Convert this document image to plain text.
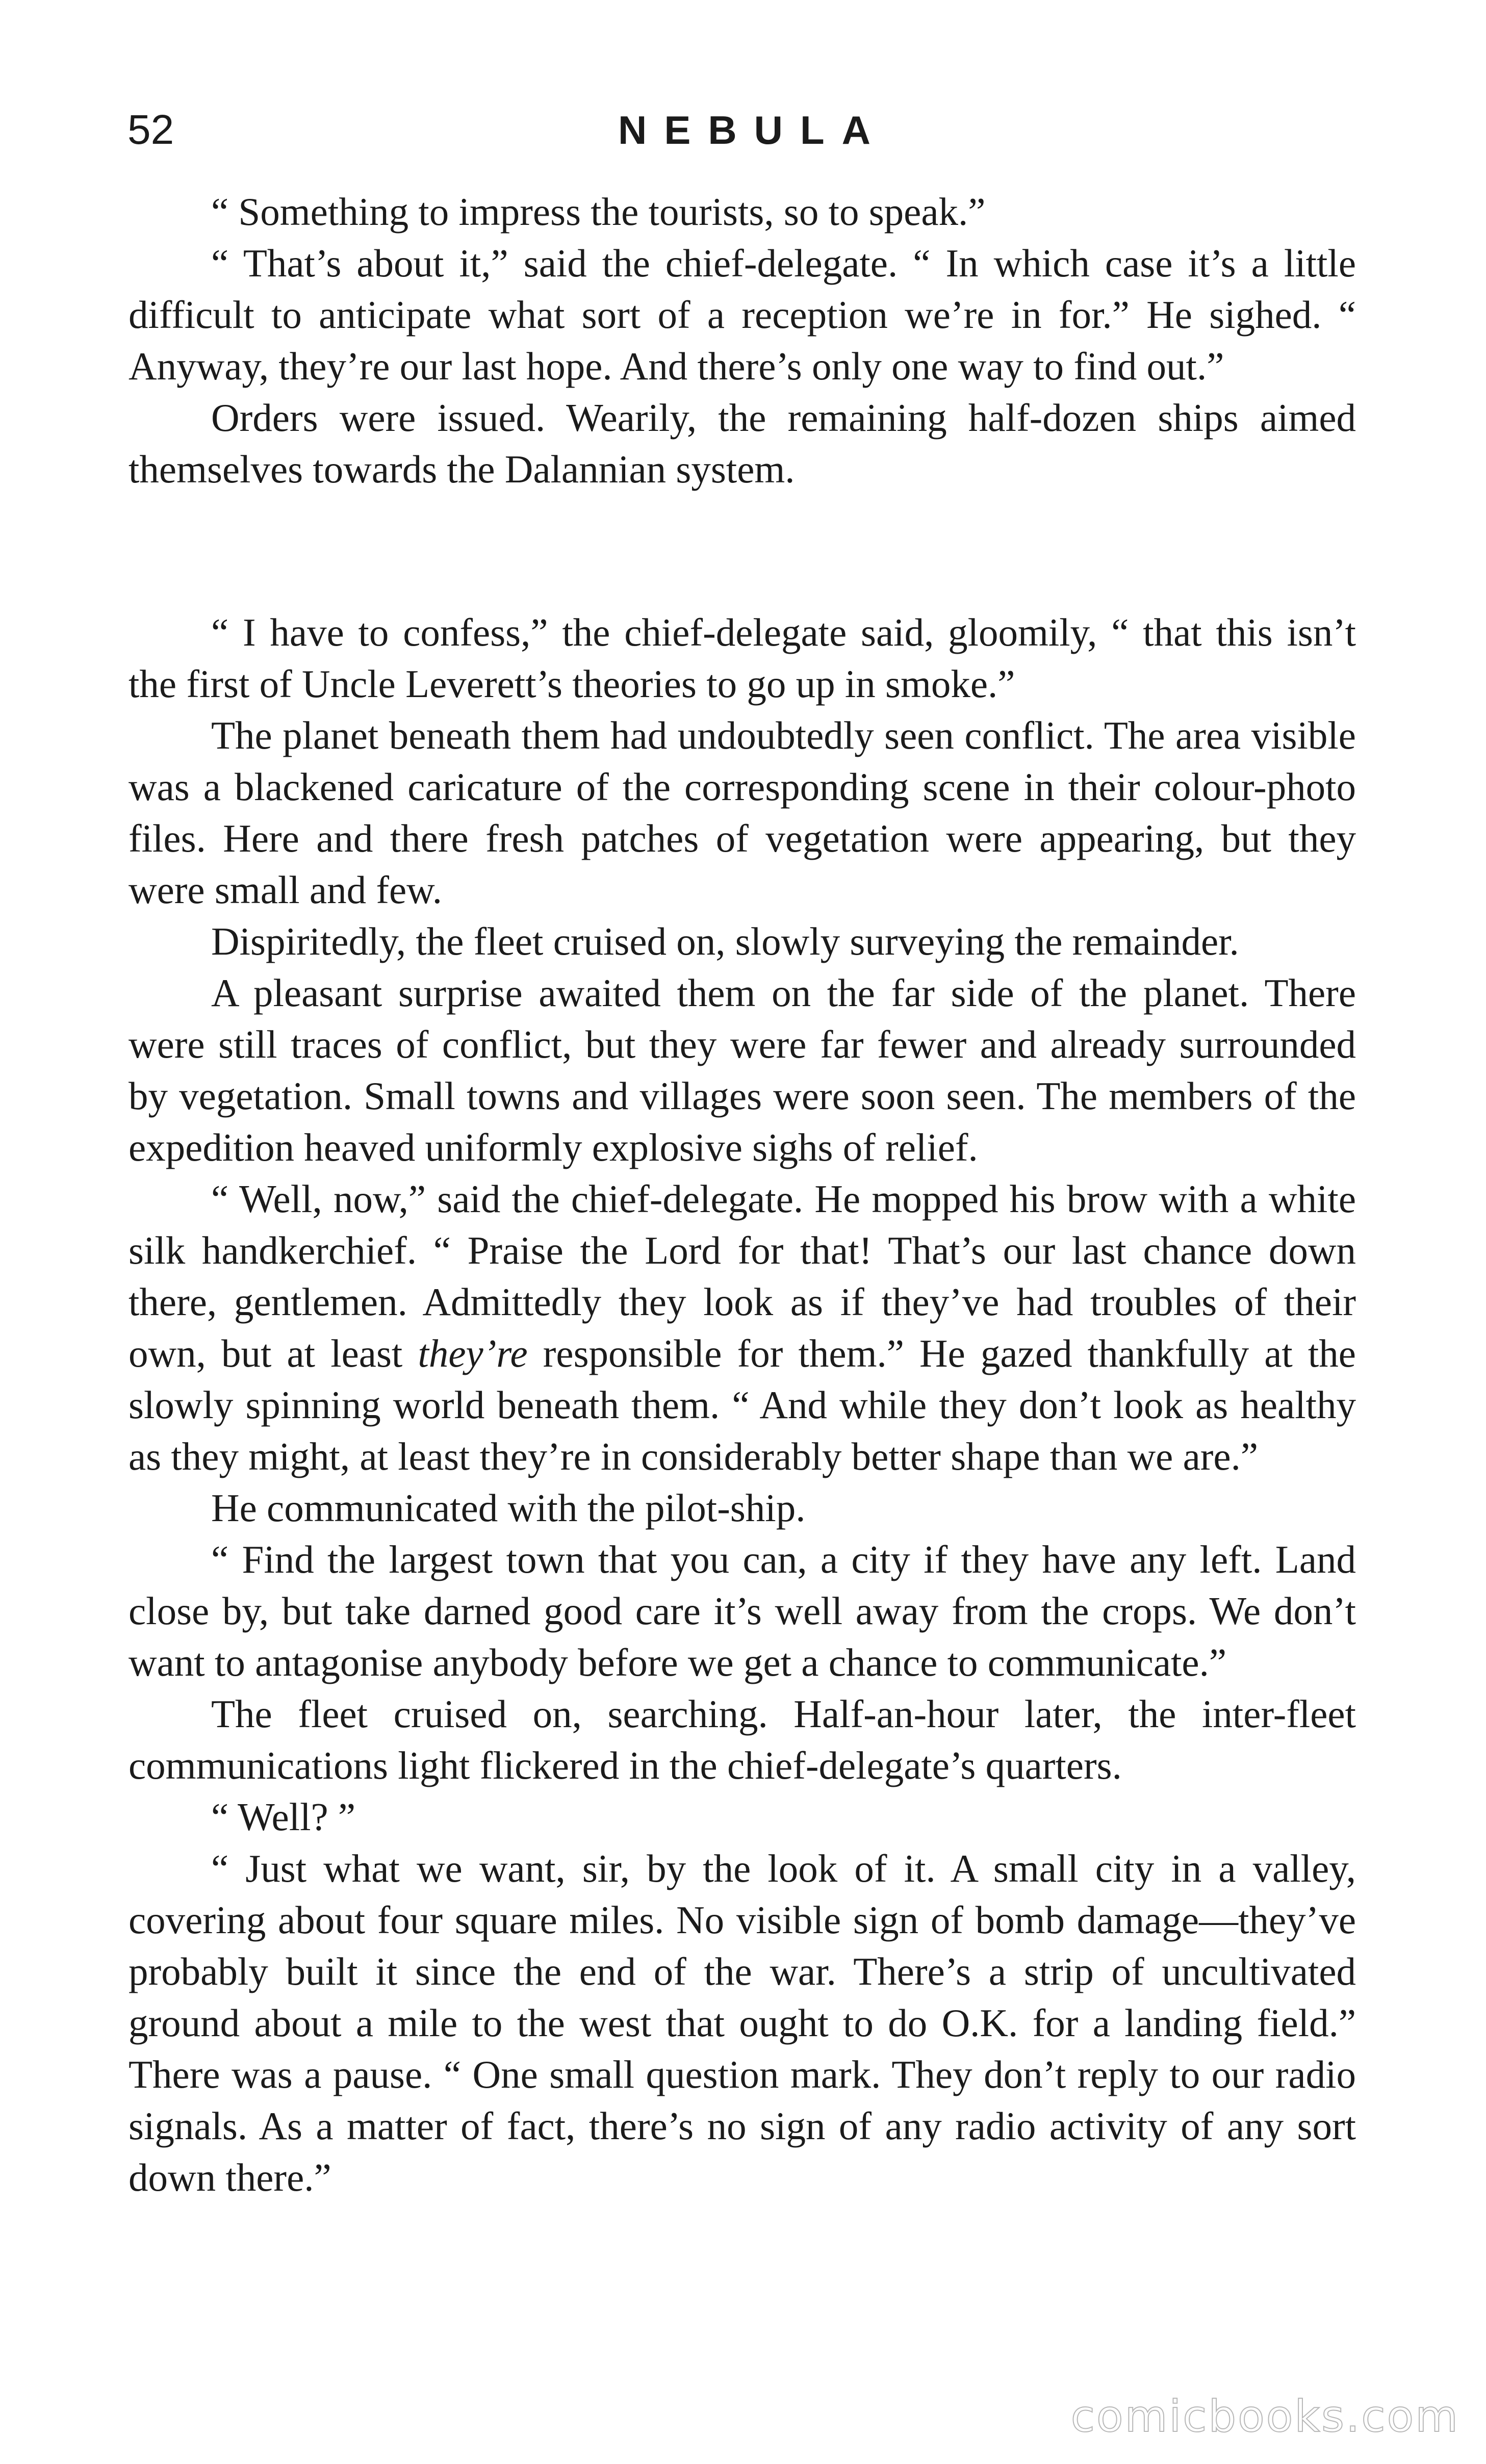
52	NEBULA

“ Something to impress the tourists, so to speak.”

“ That’s about it,” said the chief-delegate. “ In which case it’s a little difficult to anticipate what sort of a reception we’re in for.” He sighed. “ Anyway, they’re our last hope. And there’s only one way to find out.”

Orders were issued. Wearily, the remaining half-dozen ships aimed themselves towards the Dalannian system.

“ I have to confess,” the chief-delegate said, gloomily, “ that this isn’t the first of Uncle Leverett’s theories to go up in smoke.”

The planet beneath them had undoubtedly seen conflict. The area visible was a blackened caricature of the corresponding scene in their colour-photo files. Here and there fresh patches of vegetation were appearing, but they were small and few.

Dispiritedly, the fleet cruised on, slowly surveying the remainder.

A pleasant surprise awaited them on the far side of the planet. There were still traces of conflict, but they were far fewer and already surrounded by vegetation. Small towns and villages were soon seen. The members of the expedition heaved uniformly explosive sighs of relief.

“ Well, now,” said the chief-delegate. He mopped his brow with a white silk handkerchief. “ Praise the Lord for that! That’s our last chance down there, gentlemen. Admittedly they look as if they’ve had troubles of their own, but at least they’re responsible for them.” He gazed thankfully at the slowly spinning world beneath them. “ And while they don’t look as healthy as they might, at least they’re in considerably better shape than we are.”

He communicated with the pilot-ship.

“ Find the largest town that you can, a city if they have any left. Land close by, but take darned good care it’s well away from the crops. We don’t want to antagonise anybody before we get a chance to communicate.”

The fleet cruised on, searching. Half-an-hour later, the inter-fleet communications light flickered in the chief-delegate’s quarters.

“ Well? ”

“ Just what we want, sir, by the look of it. A small city in a valley, covering about four square miles. No visible sign of bomb damage—they’ve probably built it since the end of the war. There’s a strip of uncultivated ground about a mile to the west that ought to do O.K. for a landing field.” There was a pause. “ One small question mark. They don’t reply to our radio signals. As a matter of fact, there’s no sign of any radio activity of any sort down there.”

comicbooks.com
